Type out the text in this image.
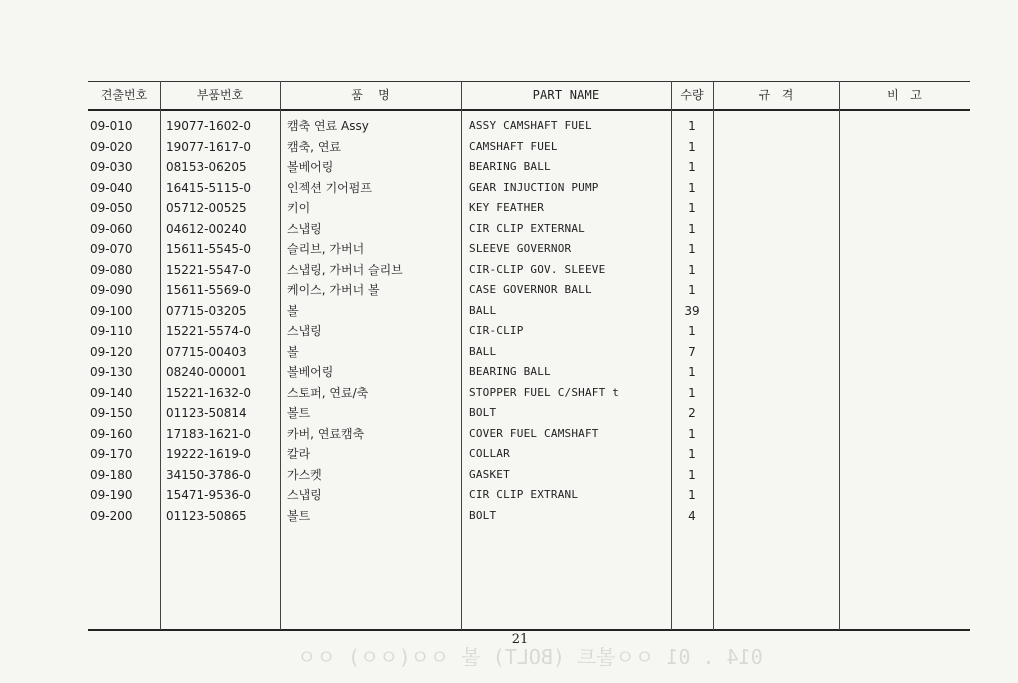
견출번호	부품번호	품    명	PART NAME	수량	규   격	비   고
09-010	19077-1602-0	캠축 연료 Assy	ASSY CAMSHAFT FUEL	1
09-020	19077-1617-0	캠축, 연료	CAMSHAFT FUEL	1
09-030	08153-06205	볼베어링	BEARING BALL	1
09-040	16415-5115-0	인젝션 기어펌프	GEAR INJUCTION PUMP	1
09-050	05712-00525	키이	KEY FEATHER	1
09-060	04612-00240	스냅링	CIR CLIP EXTERNAL	1
09-070	15611-5545-0	슬리브, 가버너	SLEEVE GOVERNOR	1
09-080	15221-5547-0	스냅링, 가버너 슬리브	CIR-CLIP GOV. SLEEVE	1
09-090	15611-5569-0	케이스, 가버너 볼	CASE GOVERNOR BALL	1
09-100	07715-03205	볼	BALL	39
09-110	15221-5574-0	스냅링	CIR-CLIP	1
09-120	07715-00403	볼	BALL	7
09-130	08240-00001	볼베어링	BEARING BALL	1
09-140	15221-1632-0	스토퍼, 연료/축	STOPPER FUEL C/SHAFT t	1
09-150	01123-50814	볼트	BOLT	2
09-160	17183-1621-0	카버, 연료캠축	COVER FUEL CAMSHAFT	1
09-170	19222-1619-0	칼라	COLLAR	1
09-180	34150-3786-0	가스켓	GASKET	1
09-190	15471-9536-0	스냅링	CIR CLIP EXTRANL	1
09-200	01123-50865	볼트	BOLT	4
21
014 . 01 ㅇㅇ볼트 (BOLT) 볼 ㅇㅇ(ㅇㅇ) ㅇㅇ
